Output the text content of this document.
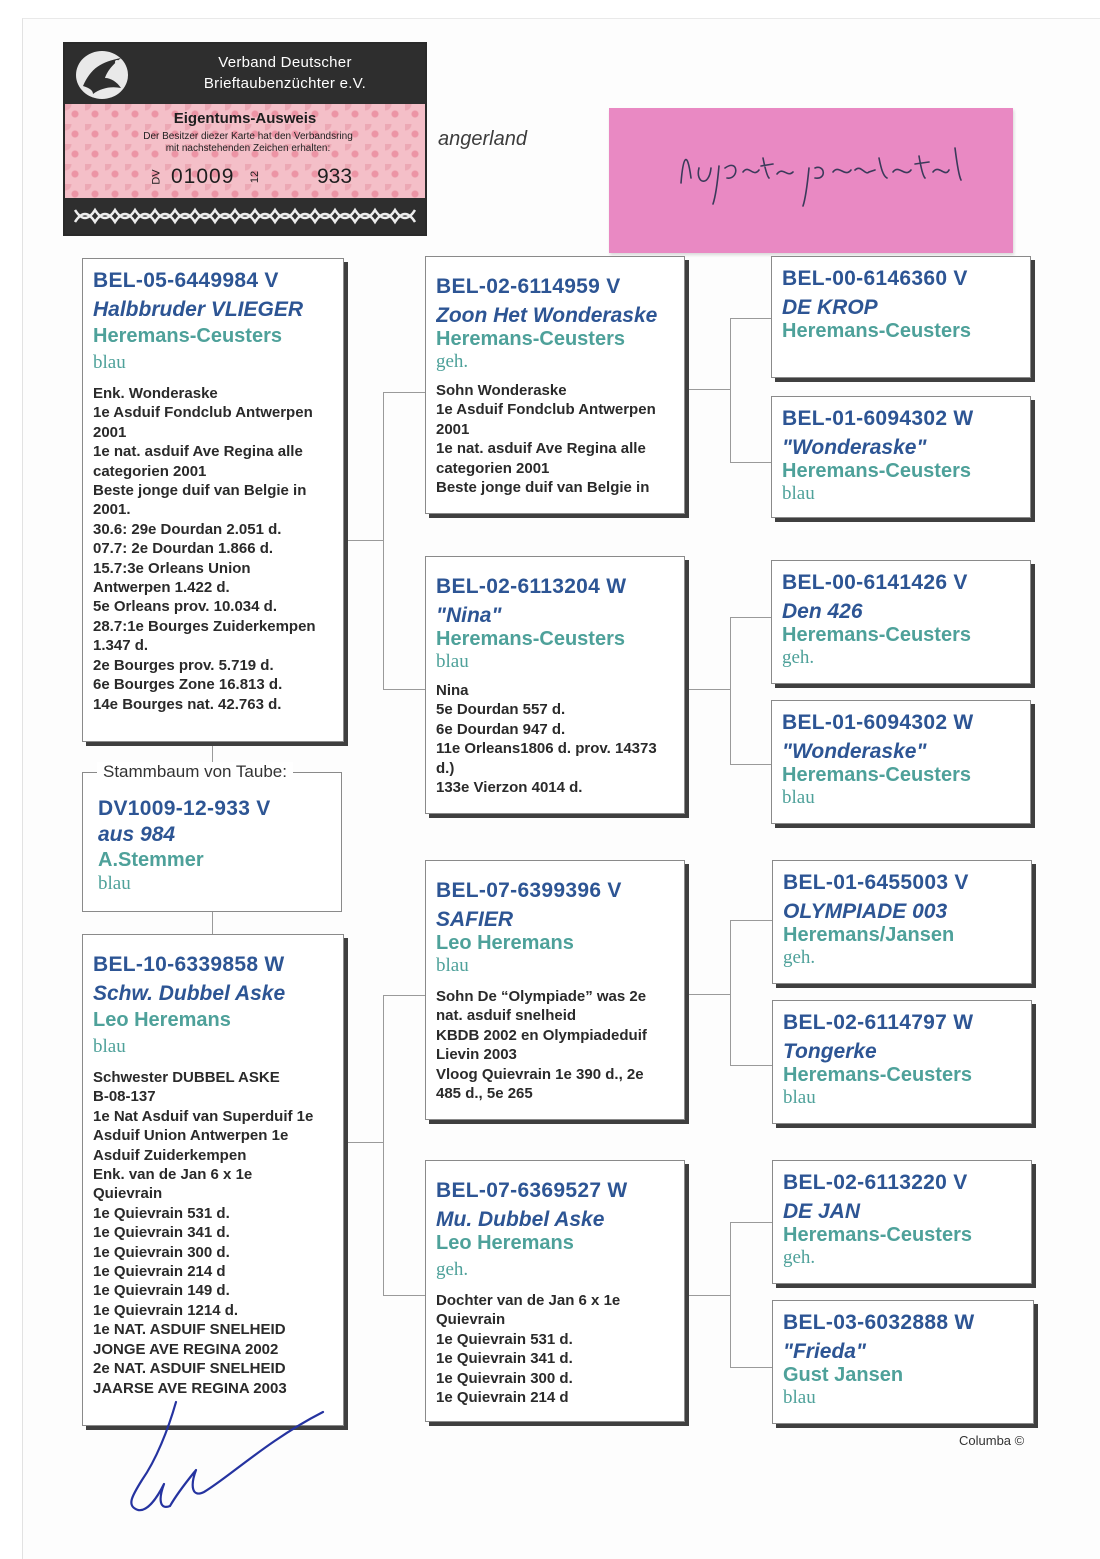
Verband Deutscher
Brieftaubenzüchter e.V.
Eigentums-Ausweis
Der Besitzer diezer Karte hat den Verbandsring
mit nachstehenden Zeichen erhalten:
DV 01009 12	933
angerland
BEL-05-6449984 V
Halbbruder VLIEGER
Heremans-Ceusters
blau
Enk. Wonderaske
1e Asduif Fondclub Antwerpen
2001
1e nat. asduif Ave Regina alle
categorien 2001
Beste jonge duif van Belgie in
2001.
30.6: 29e Dourdan 2.051 d.
07.7: 2e Dourdan 1.866 d.
15.7:3e Orleans Union
Antwerpen 1.422 d.
5e Orleans prov. 10.034 d.
28.7:1e Bourges Zuiderkempen
1.347 d.
2e Bourges prov. 5.719 d.
6e Bourges Zone 16.813 d.
14e Bourges nat. 42.763 d.
DV1009-12-933 V
aus 984
A.Stemmer
blau
Stammbaum von Taube:
BEL-10-6339858 W
Schw. Dubbel Aske
Leo Heremans
blau
Schwester DUBBEL ASKE
B-08-137
1e Nat Asduif van Superduif 1e
Asduif Union Antwerpen 1e
Asduif Zuiderkempen
Enk. van de Jan 6 x 1e
Quievrain
1e Quievrain 531 d.
1e Quievrain 341 d.
1e Quievrain 300 d.
1e Quievrain 214 d
1e Quievrain 149 d.
1e Quievrain 1214 d.
1e NAT. ASDUIF SNELHEID
JONGE AVE REGINA 2002
2e NAT. ASDUIF SNELHEID
JAARSE AVE REGINA 2003
BEL-02-6114959 V
Zoon Het Wonderaske
Heremans-Ceusters
geh.
Sohn Wonderaske
1e Asduif Fondclub Antwerpen
2001
1e nat. asduif Ave Regina alle
categorien 2001
Beste jonge duif van Belgie in
BEL-02-6113204 W
"Nina"
Heremans-Ceusters
blau
Nina
5e Dourdan 557 d.
6e Dourdan 947 d.
11e Orleans1806 d. prov. 14373
d.)
133e Vierzon 4014 d.
BEL-07-6399396 V
SAFIER
Leo Heremans
blau
Sohn De “Olympiade” was 2e
nat. asduif snelheid
KBDB 2002 en Olympiadeduif
Lievin 2003
Vloog Quievrain 1e 390 d., 2e
485 d., 5e 265
BEL-07-6369527 W
Mu. Dubbel Aske
Leo Heremans
geh.
Dochter van de Jan 6 x 1e
Quievrain
1e Quievrain 531 d.
1e Quievrain 341 d.
1e Quievrain 300 d.
1e Quievrain 214 d
BEL-00-6146360 V
DE KROP
Heremans-Ceusters
BEL-01-6094302 W
"Wonderaske"
Heremans-Ceusters
blau
BEL-00-6141426 V
Den 426
Heremans-Ceusters
geh.
BEL-01-6094302 W
"Wonderaske"
Heremans-Ceusters
blau
BEL-01-6455003 V
OLYMPIADE 003
Heremans/Jansen
geh.
BEL-02-6114797 W
Tongerke
Heremans-Ceusters
blau
BEL-02-6113220 V
DE JAN
Heremans-Ceusters
geh.
BEL-03-6032888 W
"Frieda"
Gust Jansen
blau
Columba ©
